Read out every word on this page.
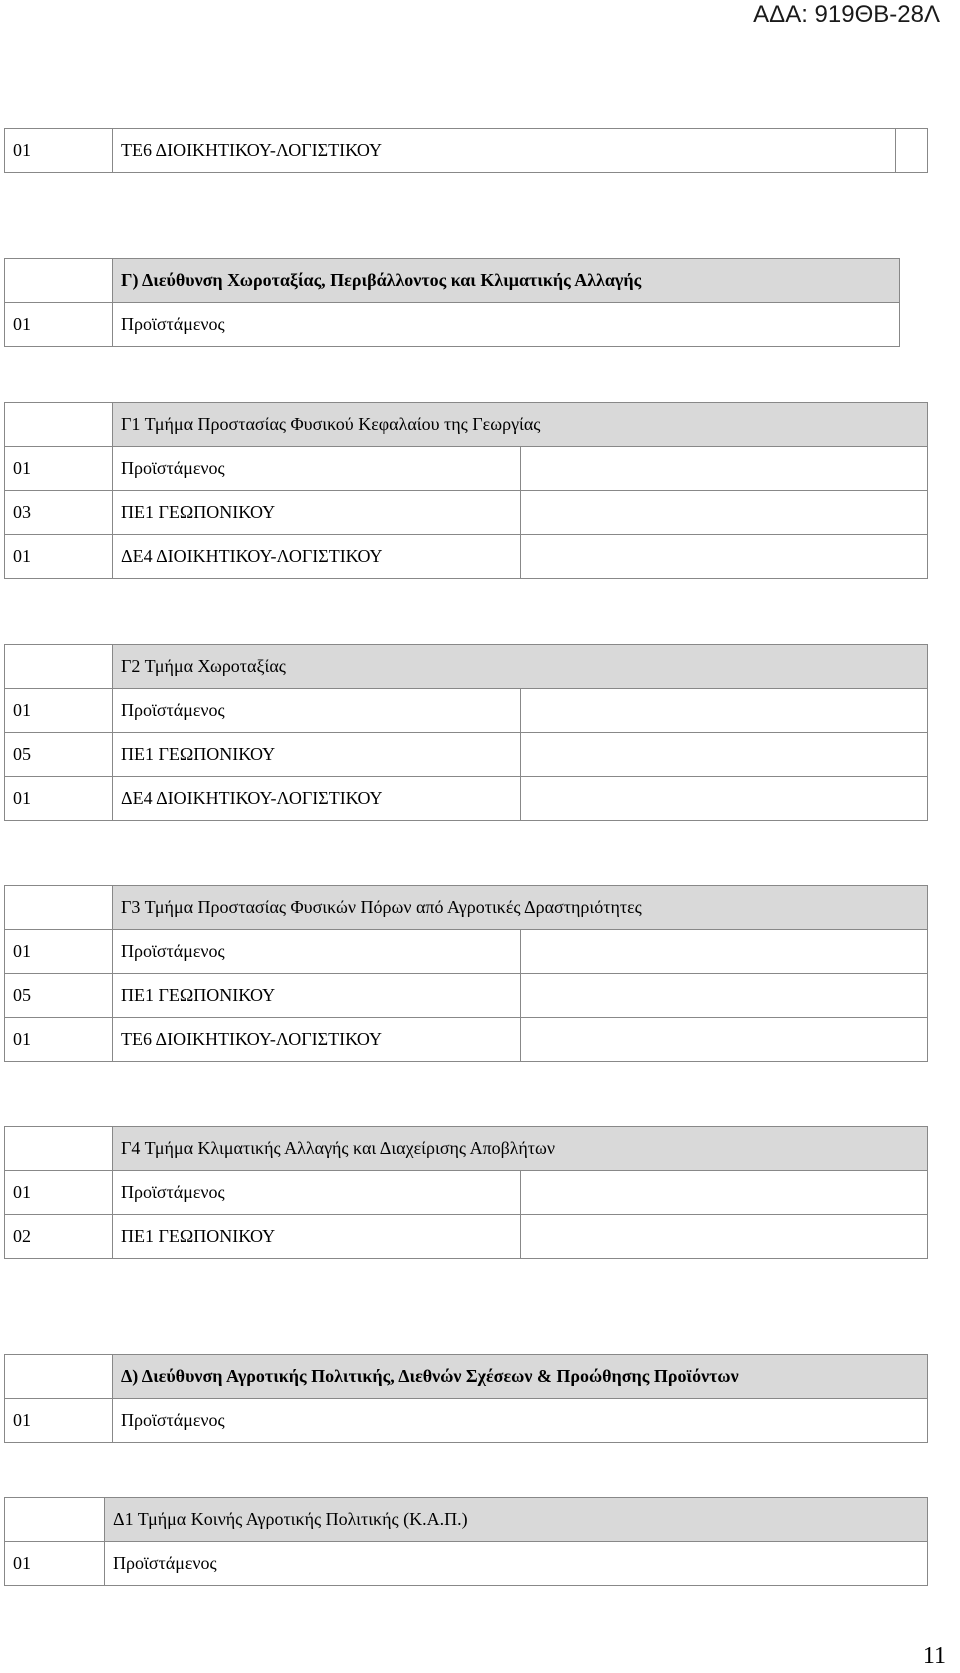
ΑΔΑ: 919ΘΒ-28Λ
01	ΤΕ6 ΔΙΟΙΚΗΤΙΚΟΥ-ΛΟΓΙΣΤΙΚΟΥ	
	Γ) Διεύθυνση Χωροταξίας, Περιβάλλοντος και Κλιματικής Αλλαγής
01	Προϊστάμενος
	Γ1 Τμήμα Προστασίας Φυσικού Κεφαλαίου της Γεωργίας	
01	Προϊστάμενος	
03	ΠΕ1 ΓΕΩΠΟΝΙΚΟΥ	
01	ΔΕ4 ΔΙΟΙΚΗΤΙΚΟΥ-ΛΟΓΙΣΤΙΚΟΥ	
	Γ2 Τμήμα Χωροταξίας	
01	Προϊστάμενος	
05	ΠΕ1 ΓΕΩΠΟΝΙΚΟΥ	
01	ΔΕ4 ΔΙΟΙΚΗΤΙΚΟΥ-ΛΟΓΙΣΤΙΚΟΥ	
	Γ3 Τμήμα Προστασίας Φυσικών Πόρων από Αγροτικές Δραστηριότητες	
01	Προϊστάμενος	
05	ΠΕ1 ΓΕΩΠΟΝΙΚΟΥ	
01	ΤΕ6 ΔΙΟΙΚΗΤΙΚΟΥ-ΛΟΓΙΣΤΙΚΟΥ	
	Γ4 Τμήμα Κλιματικής Αλλαγής και Διαχείρισης Αποβλήτων	
01	Προϊστάμενος	
02	ΠΕ1 ΓΕΩΠΟΝΙΚΟΥ	
	Δ) Διεύθυνση Αγροτικής Πολιτικής, Διεθνών Σχέσεων & Προώθησης Προϊόντων
01	Προϊστάμενος
	Δ1 Τμήμα Κοινής Αγροτικής Πολιτικής (Κ.Α.Π.)
01	Προϊστάμενος
11
